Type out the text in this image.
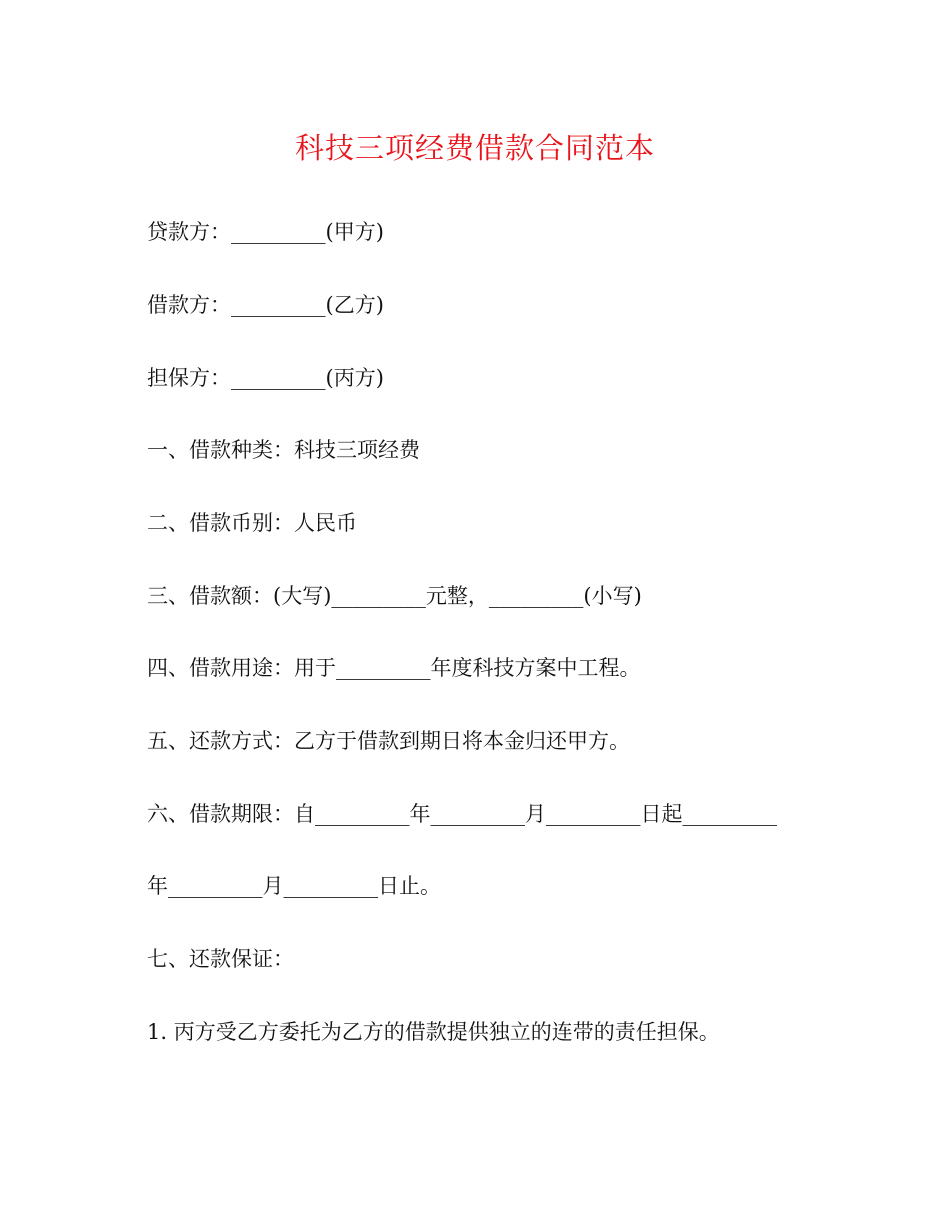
科技三项经费借款合同范本
贷款方：_________(甲方)
借款方：_________(乙方)
担保方：_________(丙方)
一、借款种类：科技三项经费
二、借款币别：人民币
三、借款额：(大写)_________元整，_________(小写)
四、借款用途：用于_________年度科技方案中工程。
五、还款方式：乙方于借款到期日将本金归还甲方。
六、借款期限：自_________年_________月_________日起_________
年_________月_________日止。
七、还款保证：
1. 丙方受乙方委托为乙方的借款提供独立的连带的责任担保。
